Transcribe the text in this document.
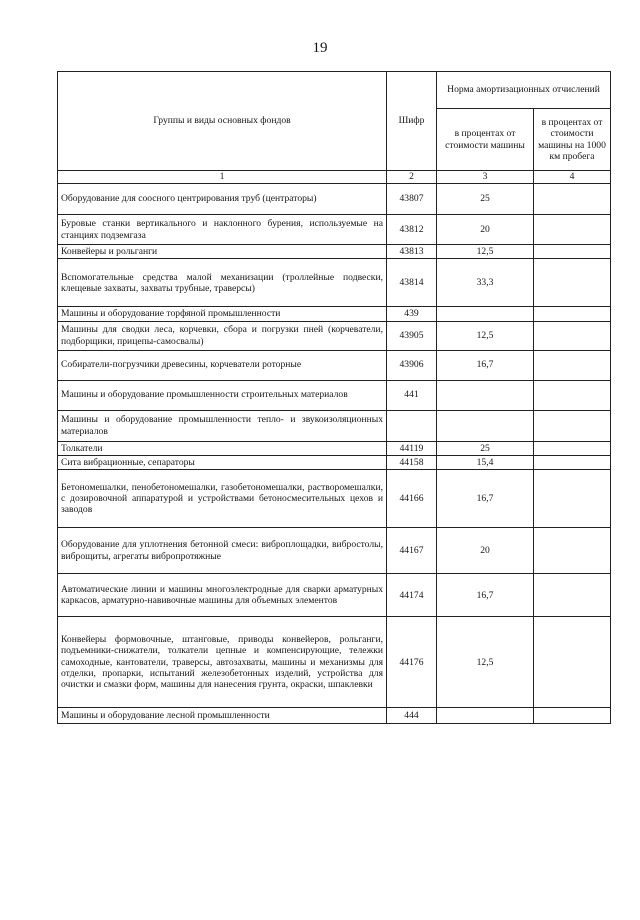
19
Группы и виды основных фондов	Шифр	Норма амортизационных отчислений	
		в процентах от стоимости машины	в процентах от стоимости машины на 1000 км пробега
1	2	3	4
Оборудование для соосного центрирования труб (центраторы)	43807	25	
Буровые станки вертикального и наклонного бурения, используемые на станциях подземгаза	43812	20	
Конвейеры и рольганги	43813	12,5	
Вспомогательные средства малой механизации (троллейные подвески, клещевые захваты, захваты трубные, траверсы)	43814	33,3	
Машины и оборудование торфяной промышленности	439		
Машины для сводки леса, корчевки, сбора и погрузки пней (корчеватели, подборщики, прицепы-самосвалы)	43905	12,5	
Собиратели-погрузчики древесины, корчеватели роторные	43906	16,7	
Машины и оборудование промышленности строительных материалов	441		
Машины и оборудование промышленности тепло- и звукоизоляционных материалов			
Толкатели	44119	25	
Сита вибрационные, сепараторы	44158	15,4	
Бетономешалки, пенобетономешалки, газобетономешалки, растворомешалки, с дозировочной аппаратурой и устройствами бетоносмесительных цехов и заводов	44166	16,7	
Оборудование для уплотнения бетонной смеси: виброплощадки, вибростолы, виброщиты, агрегаты вибропротяжные	44167	20	
Автоматические линии и машины многоэлектродные для сварки арматурных каркасов, арматурно-навивочные машины для объемных элементов	44174	16,7	
Конвейеры формовочные, штанговые, приводы конвейеров, рольганги, подъемники-снижатели, толкатели цепные и компенсирующие, тележки самоходные, кантователи, траверсы, автозахваты, машины и механизмы для отделки, пропарки, испытаний железобетонных изделий, устройства для очистки и смазки форм, машины для нанесения грунта, окраски, шпаклевки	44176	12,5	
Машины и оборудование лесной промышленности	444		
